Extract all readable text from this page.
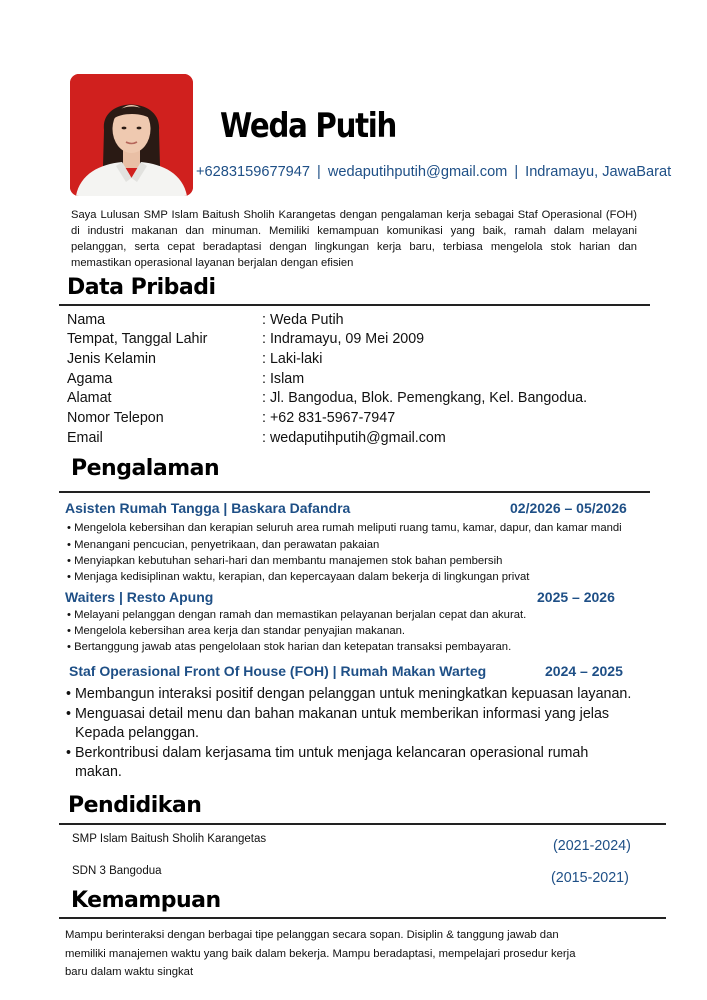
Weda Putih
+6283159677947 | wedaputihputih@gmail.com | Indramayu, JawaBarat
Saya Lulusan SMP Islam Baitush Sholih Karangetas dengan pengalaman kerja sebagai Staf Operasional (FOH) di industri makanan dan minuman. Memiliki kemampuan komunikasi yang baik, ramah dalam melayani pelanggan, serta cepat beradaptasi dengan lingkungan kerja baru, terbiasa mengelola stok harian dan memastikan operasional layanan berjalan dengan efisien
Data Pribadi
Nama	: Weda Putih
Tempat, Tanggal Lahir	: Indramayu, 09 Mei 2009
Jenis Kelamin	: Laki-laki
Agama	: Islam
Alamat	: Jl. Bangodua, Blok. Pemengkang, Kel. Bangodua.
Nomor Telepon	: +62 831-5967-7947
Email	: wedaputihputih@gmail.com
Pengalaman
Asisten Rumah Tangga | Baskara Dafandra	02/2026 – 05/2026
• Mengelola kebersihan dan kerapian seluruh area rumah meliputi ruang tamu, kamar, dapur, dan kamar mandi
• Menangani pencucian, penyetrikaan, dan perawatan pakaian
• Menyiapkan kebutuhan sehari-hari dan membantu manajemen stok bahan pembersih
• Menjaga kedisiplinan waktu, kerapian, dan kepercayaan dalam bekerja di lingkungan privat
Waiters | Resto Apung	2025 – 2026
• Melayani pelanggan dengan ramah dan memastikan pelayanan berjalan cepat dan akurat.
• Mengelola kebersihan area kerja dan standar penyajian makanan.
• Bertanggung jawab atas pengelolaan stok harian dan ketepatan transaksi pembayaran.
Staf Operasional Front Of House (FOH) | Rumah Makan Warteg	2024 – 2025
• Membangun interaksi positif dengan pelanggan untuk meningkatkan kepuasan layanan.
• Menguasai detail menu dan bahan makanan untuk memberikan informasi yang jelas
Kepada pelanggan.
• Berkontribusi dalam kerjasama tim untuk menjaga kelancaran operasional rumah
makan.
Pendidikan
SMP Islam Baitush Sholih Karangetas	(2021-2024)
SDN 3 Bangodua	(2015-2021)
Kemampuan
Mampu berinteraksi dengan berbagai tipe pelanggan secara sopan. Disiplin & tanggung jawab dan memiliki manajemen waktu yang baik dalam bekerja. Mampu beradaptasi, mempelajari prosedur kerja baru dalam waktu singkat
